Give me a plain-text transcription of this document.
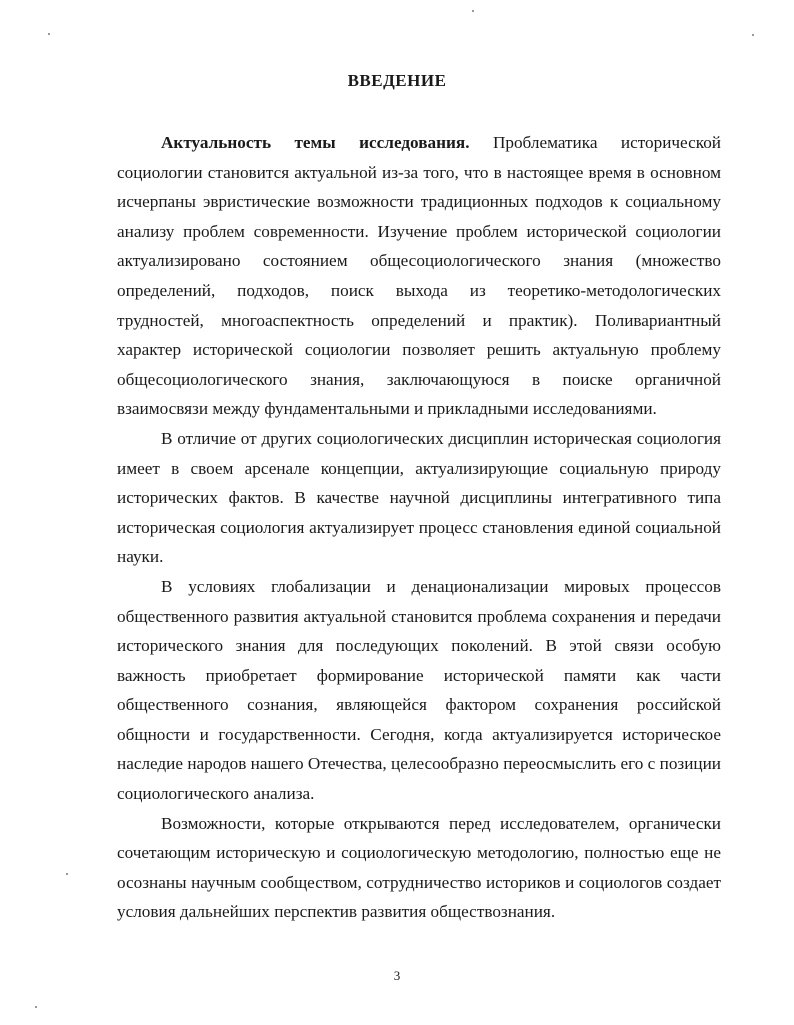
ВВЕДЕНИЕ

Актуальность темы исследования. Проблематика исторической социологии становится актуальной из-за того, что в настоящее время в основном исчерпаны эвристические возможности традиционных подходов к социальному анализу проблем современности. Изучение проблем исторической социологии актуализировано состоянием общесоциологического знания (множество определений, подходов, поиск выхода из теоретико-методологических трудностей, многоаспектность определений и практик). Поливариантный характер исторической социологии позволяет решить актуальную проблему общесоциологического знания, заключающуюся в поиске органичной взаимосвязи между фундаментальными и прикладными исследованиями.

В отличие от других социологических дисциплин историческая социология имеет в своем арсенале концепции, актуализирующие социальную природу исторических фактов. В качестве научной дисциплины интегративного типа историческая социология актуализирует процесс становления единой социальной науки.

В условиях глобализации и денационализации мировых процессов общественного развития актуальной становится проблема сохранения и передачи исторического знания для последующих поколений. В этой связи особую важность приобретает формирование исторической памяти как части общественного сознания, являющейся фактором сохранения российской общности и государственности. Сегодня, когда актуализируется историческое наследие народов нашего Отечества, целесообразно переосмыслить его с позиции социологического анализа.

Возможности, которые открываются перед исследователем, органически сочетающим историческую и социологическую методологию, полностью еще не осознаны научным сообществом, сотрудничество историков и социологов создает условия дальнейших перспектив развития обществознания.

3
